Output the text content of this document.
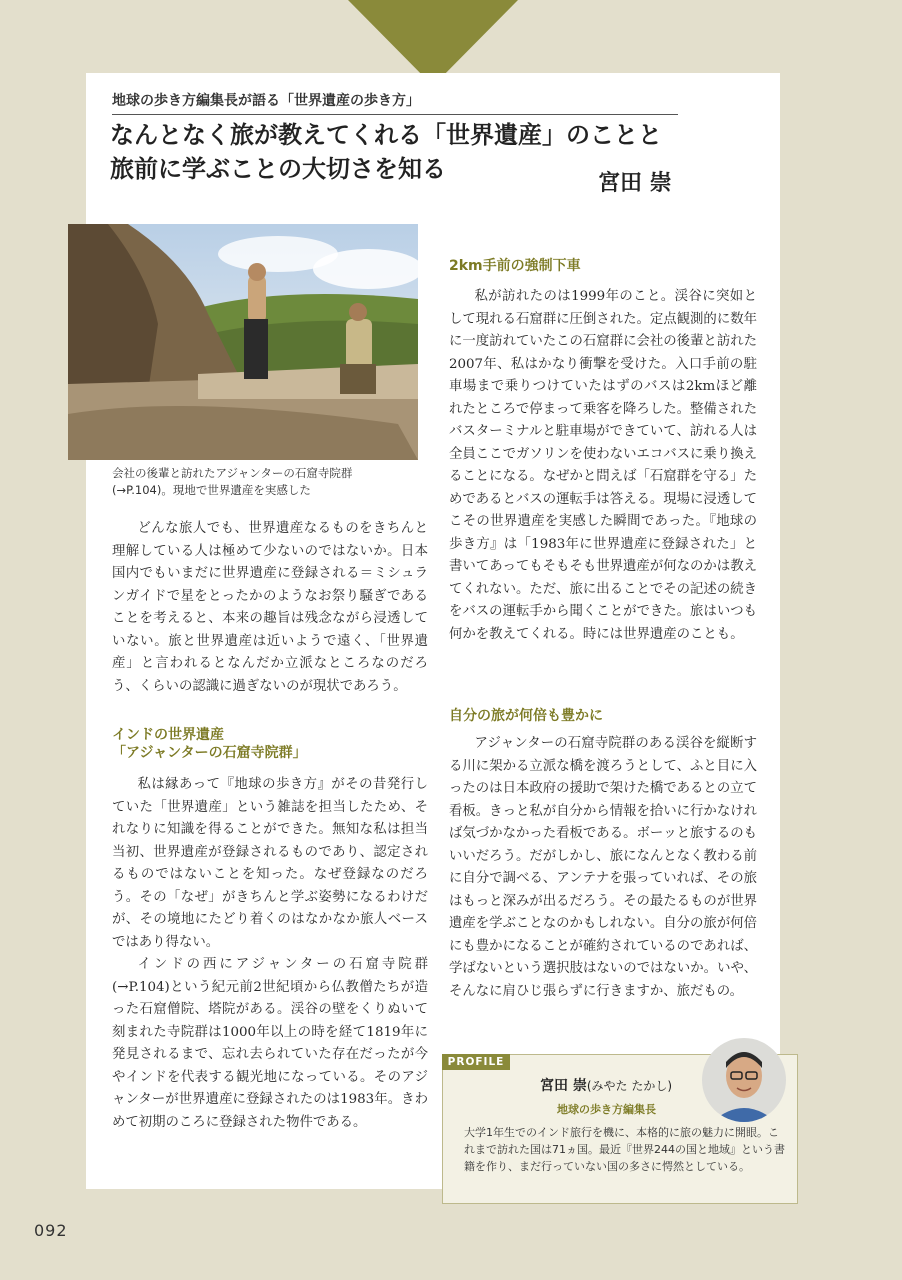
地球の歩き方編集長が語る「世界遺産の歩き方」
なんとなく旅が教えてくれる「世界遺産」のことと
旅前に学ぶことの大切さを知る
宮田 崇
会社の後輩と訪れたアジャンターの石窟寺院群
(→P.104)。現地で世界遺産を実感した

どんな旅人でも、世界遺産なるものをきちんと理解している人は極めて少ないのではないか。日本国内でもいまだに世界遺産に登録される＝ミシュランガイドで星をとったかのようなお祭り騒ぎであることを考えると、本来の趣旨は残念ながら浸透していない。旅と世界遺産は近いようで遠く、「世界遺産」と言われるとなんだか立派なところなのだろう、くらいの認識に過ぎないのが現状であろう。

インドの世界遺産

「アジャンターの石窟寺院群」

私は縁あって『地球の歩き方』がその昔発行していた「世界遺産」という雑誌を担当したため、それなりに知識を得ることができた。無知な私は担当当初、世界遺産が登録されるものであり、認定されるものではないことを知った。なぜ登録なのだろう。その「なぜ」がきちんと学ぶ姿勢になるわけだが、その境地にたどり着くのはなかなか旅人ベースではあり得ない。

インドの西にアジャンターの石窟寺院群(→P.104)という紀元前2世紀頃から仏教僧たちが造った石窟僧院、塔院がある。渓谷の壁をくりぬいて刻まれた寺院群は1000年以上の時を経て1819年に発見されるまで、忘れ去られていた存在だったが今やインドを代表する観光地になっている。そのアジャンターが世界遺産に登録されたのは1983年。きわめて初期のころに登録された物件である。

2km手前の強制下車

私が訪れたのは1999年のこと。渓谷に突如として現れる石窟群に圧倒された。定点観測的に数年に一度訪れていたこの石窟群に会社の後輩と訪れた2007年、私はかなり衝撃を受けた。入口手前の駐車場まで乗りつけていたはずのバスは2kmほど離れたところで停まって乗客を降ろした。整備されたバスターミナルと駐車場ができていて、訪れる人は全員ここでガソリンを使わないエコバスに乗り換えることになる。なぜかと問えば「石窟群を守る」ためであるとバスの運転手は答える。現場に浸透してこその世界遺産を実感した瞬間であった。『地球の歩き方』は「1983年に世界遺産に登録された」と書いてあってもそもそも世界遺産が何なのかは教えてくれない。ただ、旅に出ることでその記述の続きをバスの運転手から聞くことができた。旅はいつも何かを教えてくれる。時には世界遺産のことも。

自分の旅が何倍も豊かに

アジャンターの石窟寺院群のある渓谷を縦断する川に架かる立派な橋を渡ろうとして、ふと目に入ったのは日本政府の援助で架けた橋であるとの立て看板。きっと私が自分から情報を拾いに行かなければ気づかなかった看板である。ボーッと旅するのもいいだろう。だがしかし、旅になんとなく教わる前に自分で調べる、アンテナを張っていれば、その旅はもっと深みが出るだろう。その最たるものが世界遺産を学ぶことなのかもしれない。自分の旅が何倍にも豊かになることが確約されているのであれば、学ばないという選択肢はないのではないか。いや、そんなに肩ひじ張らずに行きますか、旅だもの。

PROFILE
宮田 崇(みやた たかし)
地球の歩き方編集長
大学1年生でのインド旅行を機に、本格的に旅の魅力に開眼。これまで訪れた国は71ヵ国。最近『世界244の国と地域』という書籍を作り、まだ行っていない国の多さに愕然としている。
092
